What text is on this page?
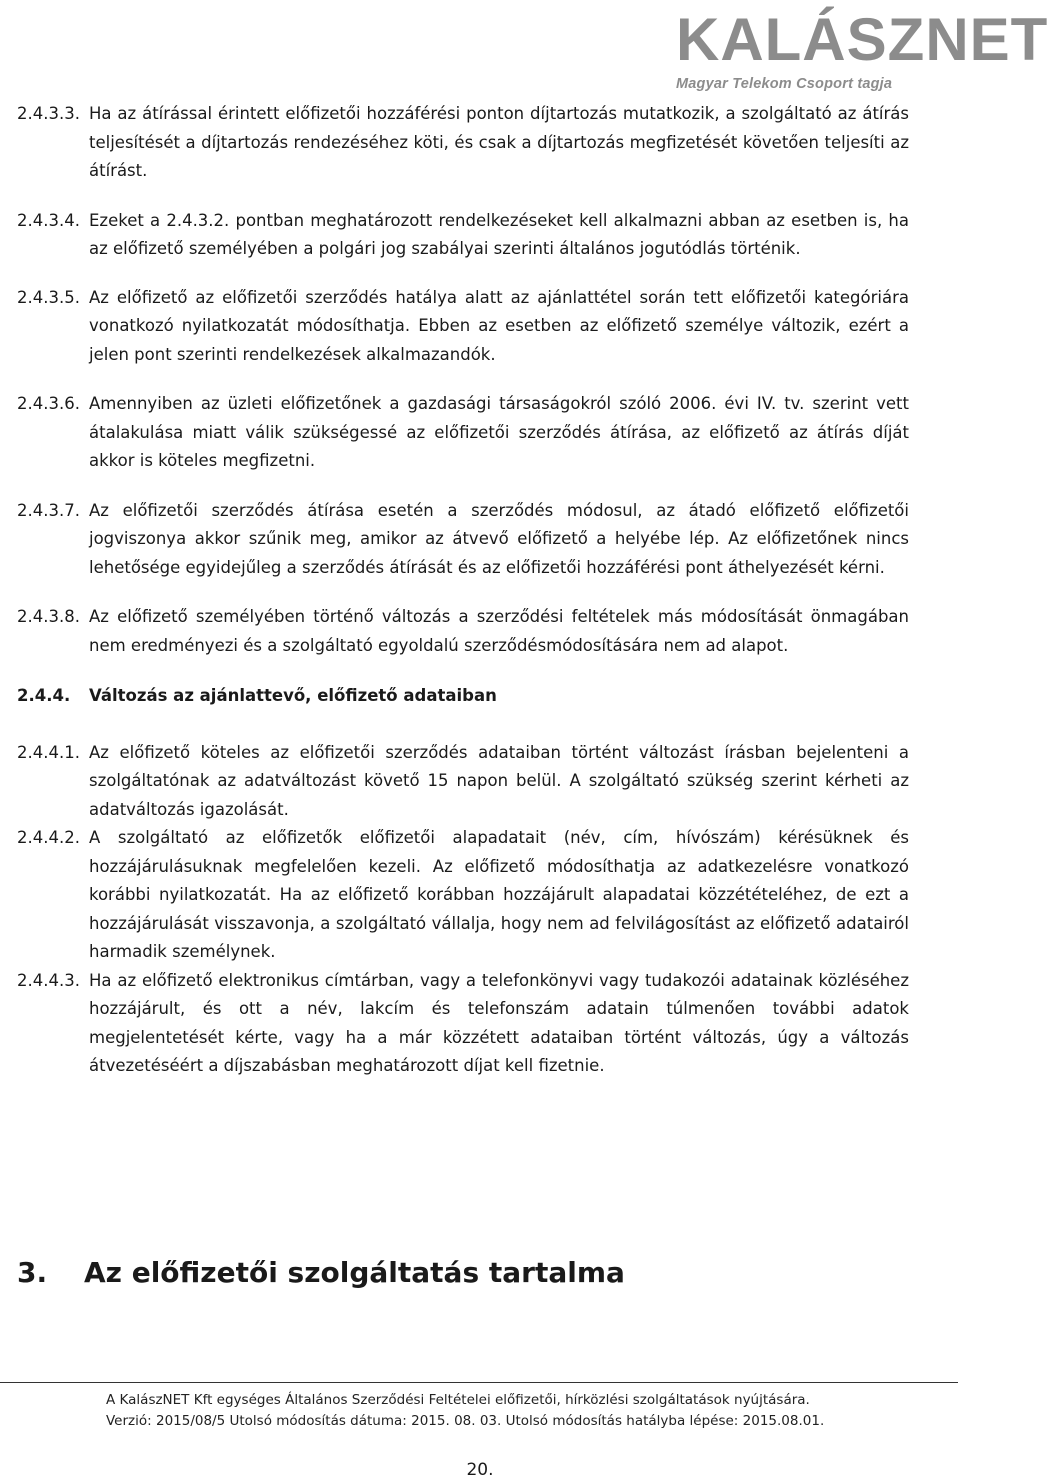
KALÁSZNET
Magyar Telekom Csoport tagja
2.4.3.3. Ha az átírással érintett előfizetői hozzáférési ponton díjtartozás mutatkozik, a szolgáltató az átírás teljesítését a díjtartozás rendezéséhez köti, és csak a díjtartozás megfizetését követően teljesíti az átírást.
2.4.3.4. Ezeket a 2.4.3.2. pontban meghatározott rendelkezéseket kell alkalmazni abban az esetben is, ha az előfizető személyében a polgári jog szabályai szerinti általános jogutódlás történik.
2.4.3.5. Az előfizető az előfizetői szerződés hatálya alatt az ajánlattétel során tett előfizetői kategóriára vonatkozó nyilatkozatát módosíthatja. Ebben az esetben az előfizető személye változik, ezért a jelen pont szerinti rendelkezések alkalmazandók.
2.4.3.6. Amennyiben az üzleti előfizetőnek a gazdasági társaságokról szóló 2006. évi IV. tv. szerint vett átalakulása miatt válik szükségessé az előfizetői szerződés átírása, az előfizető az átírás díját akkor is köteles megfizetni.
2.4.3.7. Az előfizetői szerződés átírása esetén a szerződés módosul, az átadó előfizető előfizetői jogviszonya akkor szűnik meg, amikor az átvevő előfizető a helyébe lép. Az előfizetőnek nincs lehetősége egyidejűleg a szerződés átírását és az előfizetői hozzáférési pont áthelyezését kérni.
2.4.3.8. Az előfizető személyében történő változás a szerződési feltételek más módosítását önmagában nem eredményezi és a szolgáltató egyoldalú szerződésmódosítására nem ad alapot.
2.4.4. Változás az ajánlattevő, előfizető adataiban
2.4.4.1. Az előfizető köteles az előfizetői szerződés adataiban történt változást írásban bejelenteni a szolgáltatónak az adatváltozást követő 15 napon belül. A szolgáltató szükség szerint kérheti az adatváltozás igazolását.
2.4.4.2. A szolgáltató az előfizetők előfizetői alapadatait (név, cím, hívószám) kérésüknek és hozzájárulásuknak megfelelően kezeli. Az előfizető módosíthatja az adatkezelésre vonatkozó korábbi nyilatkozatát. Ha az előfizető korábban hozzájárult alapadatai közzétételéhez, de ezt a hozzájárulását visszavonja, a szolgáltató vállalja, hogy nem ad felvilágosítást az előfizető adatairól harmadik személynek.
2.4.4.3. Ha az előfizető elektronikus címtárban, vagy a telefonkönyvi vagy tudakozói adatainak közléséhez hozzájárult, és ott a név, lakcím és telefonszám adatain túlmenően további adatok megjelentetését kérte, vagy ha a már közzétett adataiban történt változás, úgy a változás átvezetéséért a díjszabásban meghatározott díjat kell fizetnie.
3. Az előfizetői szolgáltatás tartalma
A KalászNET Kft egységes Általános Szerződési Feltételei előfizetői, hírközlési szolgáltatások nyújtására.
Verzió: 2015/08/5 Utolsó módosítás dátuma: 2015. 08. 03. Utolsó módosítás hatályba lépése: 2015.08.01.
20.
